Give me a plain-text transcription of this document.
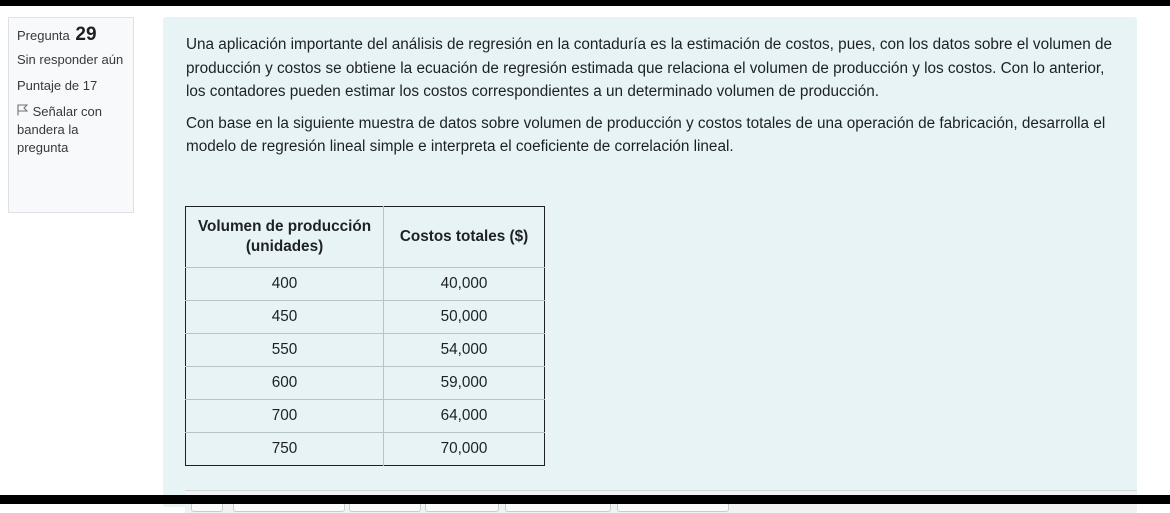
Pregunta 29
Sin responder aún
Puntaje de 17
Señalar con bandera la pregunta

Una aplicación importante del análisis de regresión en la contaduría es la estimación de costos, pues, con los datos sobre el volumen de producción y costos se obtiene la ecuación de regresión estimada que relaciona el volumen de producción y los costos. Con lo anterior, los contadores pueden estimar los costos correspondientes a un determinado volumen de producción.

Con base en la siguiente muestra de datos sobre volumen de producción y costos totales de una operación de fabricación, desarrolla el modelo de regresión lineal simple e interpreta el coeficiente de correlación lineal.

Volumen de producción (unidades)	Costos totales ($)
400	40,000
450	50,000
550	54,000
600	59,000
700	64,000
750	70,000
